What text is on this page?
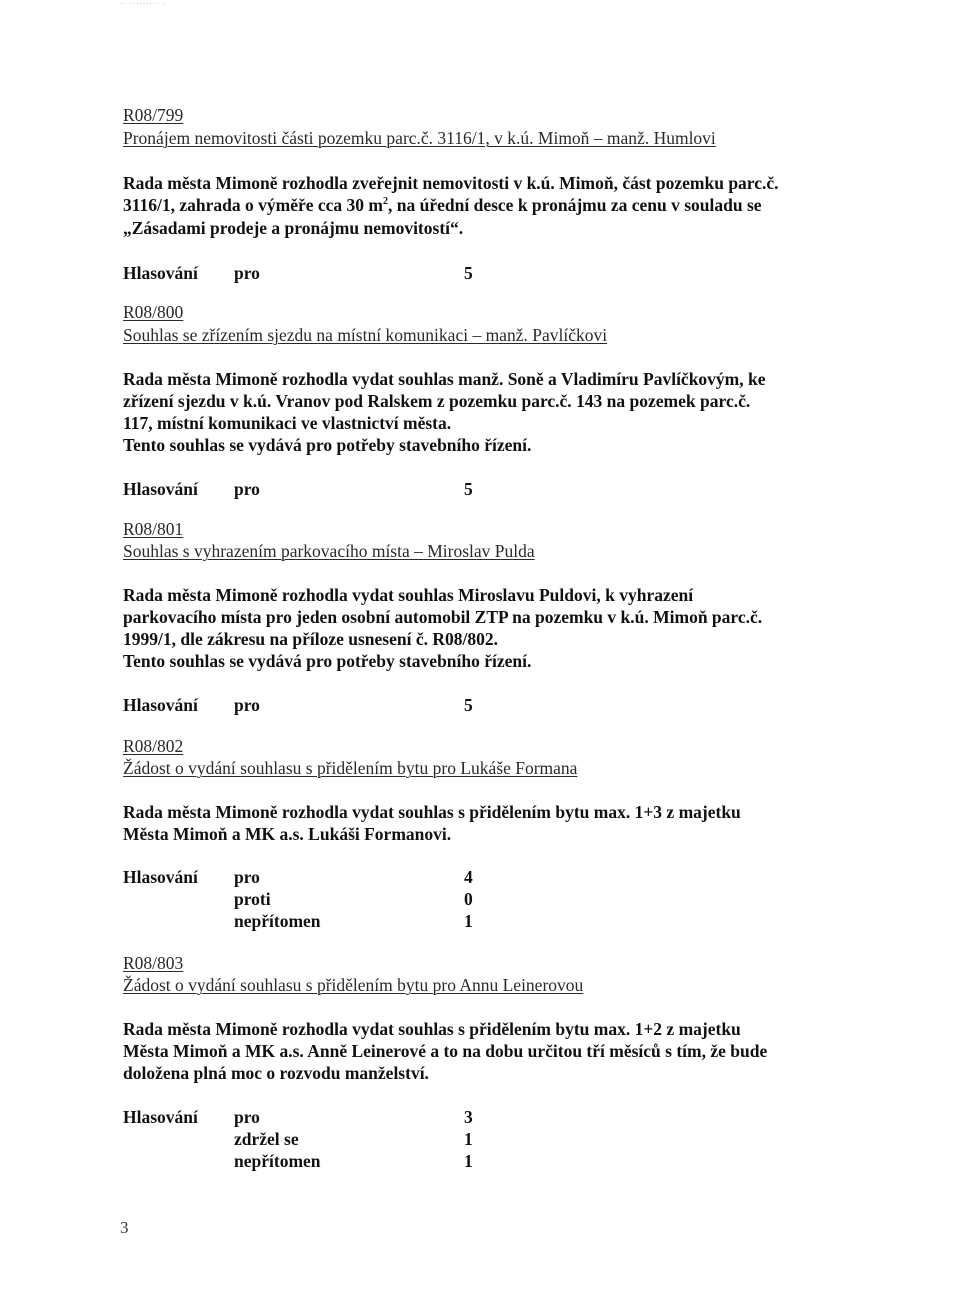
·· ········· ·
R08/799
Pronájem nemovitosti části pozemku parc.č. 3116/1, v k.ú. Mimoň – manž. Humlovi
Rada města Mimoně rozhodla zveřejnit nemovitosti v k.ú. Mimoň, část pozemku parc.č.
3116/1, zahrada o výměře cca 30 $m^2$, na úřední desce k pronájmu za cenu v souladu se
„Zásadami prodeje a pronájmu nemovitostí“.
Hlasování pro	5
R08/800
Souhlas se zřízením sjezdu na místní komunikaci – manž. Pavlíčkovi
Rada města Mimoně rozhodla vydat souhlas manž. Soně a Vladimíru Pavlíčkovým, ke
zřízení sjezdu v k.ú. Vranov pod Ralskem z pozemku parc.č. 143 na pozemek parc.č.
117, místní komunikaci ve vlastnictví města.
Tento souhlas se vydává pro potřeby stavebního řízení.
Hlasování pro	5
R08/801
Souhlas s vyhrazením parkovacího místa – Miroslav Pulda
Rada města Mimoně rozhodla vydat souhlas Miroslavu Puldovi, k vyhrazení
parkovacího místa pro jeden osobní automobil ZTP na pozemku v k.ú. Mimoň parc.č.
1999/1, dle zákresu na příloze usnesení č. R08/802.
Tento souhlas se vydává pro potřeby stavebního řízení.
Hlasování pro	5
R08/802
Žádost o vydání souhlasu s přidělením bytu pro Lukáše Formana
Rada města Mimoně rozhodla vydat souhlas s přidělením bytu max. 1+3 z majetku
Města Mimoň a MK a.s. Lukáši Formanovi.
Hlasování pro	4
proti	0
nepřítomen	1
R08/803
Žádost o vydání souhlasu s přidělením bytu pro Annu Leinerovou
Rada města Mimoně rozhodla vydat souhlas s přidělením bytu max. 1+2 z majetku
Města Mimoň a MK a.s. Anně Leinerové a to na dobu určitou tří měsíců s tím, že bude
doložena plná moc o rozvodu manželství.
Hlasování pro	3
zdržel se	1
nepřítomen	1
3
